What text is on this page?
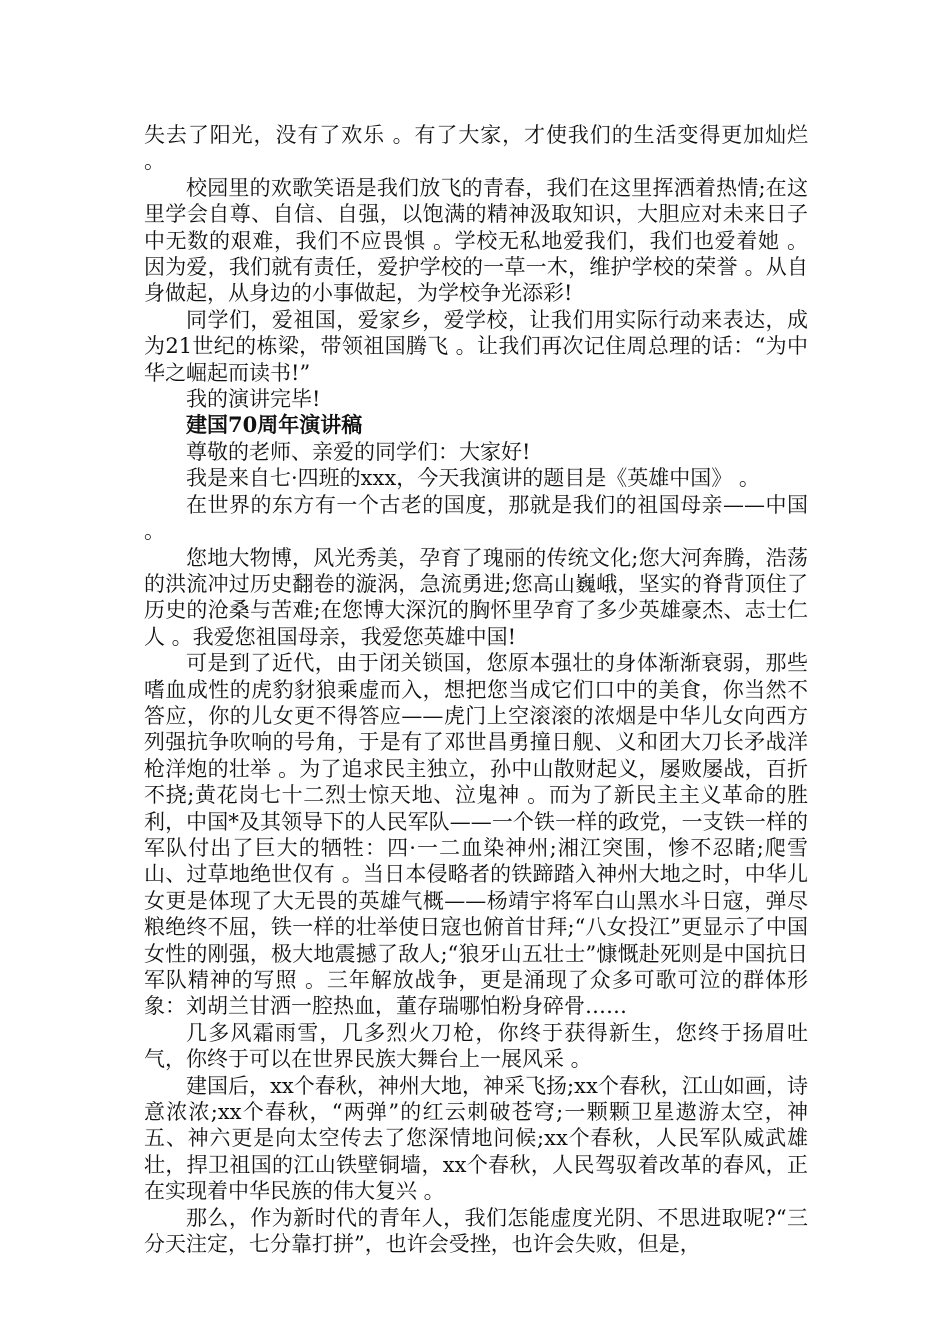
失去了阳光，没有了欢乐 。有了大家，才使我们的生活变得更加灿烂 。

校园里的欢歌笑语是我们放飞的青春，我们在这里挥洒着热情;在这里学会自尊、自信、自强，以饱满的精神汲取知识，大胆应对未来日子中无数的艰难，我们不应畏惧 。学校无私地爱我们，我们也爱着她 。因为爱，我们就有责任，爱护学校的一草一木，维护学校的荣誉 。从自身做起，从身边的小事做起，为学校争光添彩!

同学们，爱祖国，爱家乡，爱学校，让我们用实际行动来表达，成为21世纪的栋梁，带领祖国腾飞 。让我们再次记住周总理的话：“为中华之崛起而读书!”

我的演讲完毕!

建国70周年演讲稿

尊敬的老师、亲爱的同学们：大家好!

我是来自七·四班的xxx，今天我演讲的题目是《英雄中国》 。

在世界的东方有一个古老的国度，那就是我们的祖国母亲——中国 。

您地大物博，风光秀美，孕育了瑰丽的传统文化;您大河奔腾，浩荡的洪流冲过历史翻卷的漩涡，急流勇进;您高山巍峨，坚实的脊背顶住了历史的沧桑与苦难;在您博大深沉的胸怀里孕育了多少英雄豪杰、志士仁人 。我爱您祖国母亲，我爱您英雄中国!

可是到了近代，由于闭关锁国，您原本强壮的身体渐渐衰弱，那些嗜血成性的虎豹豺狼乘虚而入，想把您当成它们口中的美食，你当然不答应，你的儿女更不得答应——虎门上空滚滚的浓烟是中华儿女向西方列强抗争吹响的号角，于是有了邓世昌勇撞日舰、义和团大刀长矛战洋枪洋炮的壮举 。为了追求民主独立，孙中山散财起义，屡败屡战，百折不挠;黄花岗七十二烈士惊天地、泣鬼神 。而为了新民主主义革命的胜利，中国*及其领导下的人民军队——一个铁一样的政党，一支铁一样的军队付出了巨大的牺牲：四·一二血染神州;湘江突围，惨不忍睹;爬雪山、过草地绝世仅有 。当日本侵略者的铁蹄踏入神州大地之时，中华儿女更是体现了大无畏的英雄气概——杨靖宇将军白山黑水斗日寇，弹尽粮绝终不屈，铁一样的壮举使日寇也俯首甘拜;“八女投江”更显示了中国女性的刚强，极大地震撼了敌人;“狼牙山五壮士”慷慨赴死则是中国抗日军队精神的写照 。三年解放战争，更是涌现了众多可歌可泣的群体形象：刘胡兰甘洒一腔热血，董存瑞哪怕粉身碎骨……

几多风霜雨雪，几多烈火刀枪，你终于获得新生，您终于扬眉吐气，你终于可以在世界民族大舞台上一展风采 。

建国后，xx个春秋，神州大地，神采飞扬;xx个春秋，江山如画，诗意浓浓;xx个春秋，“两弹”的红云刺破苍穹;一颗颗卫星遨游太空，神五、神六更是向太空传去了您深情地问候;xx个春秋，人民军队威武雄壮，捍卫祖国的江山铁壁铜墙，xx个春秋，人民驾驭着改革的春风，正在实现着中华民族的伟大复兴 。

那么，作为新时代的青年人，我们怎能虚度光阴、不思进取呢?“三分天注定，七分靠打拼”，也许会受挫，也许会失败，但是，
